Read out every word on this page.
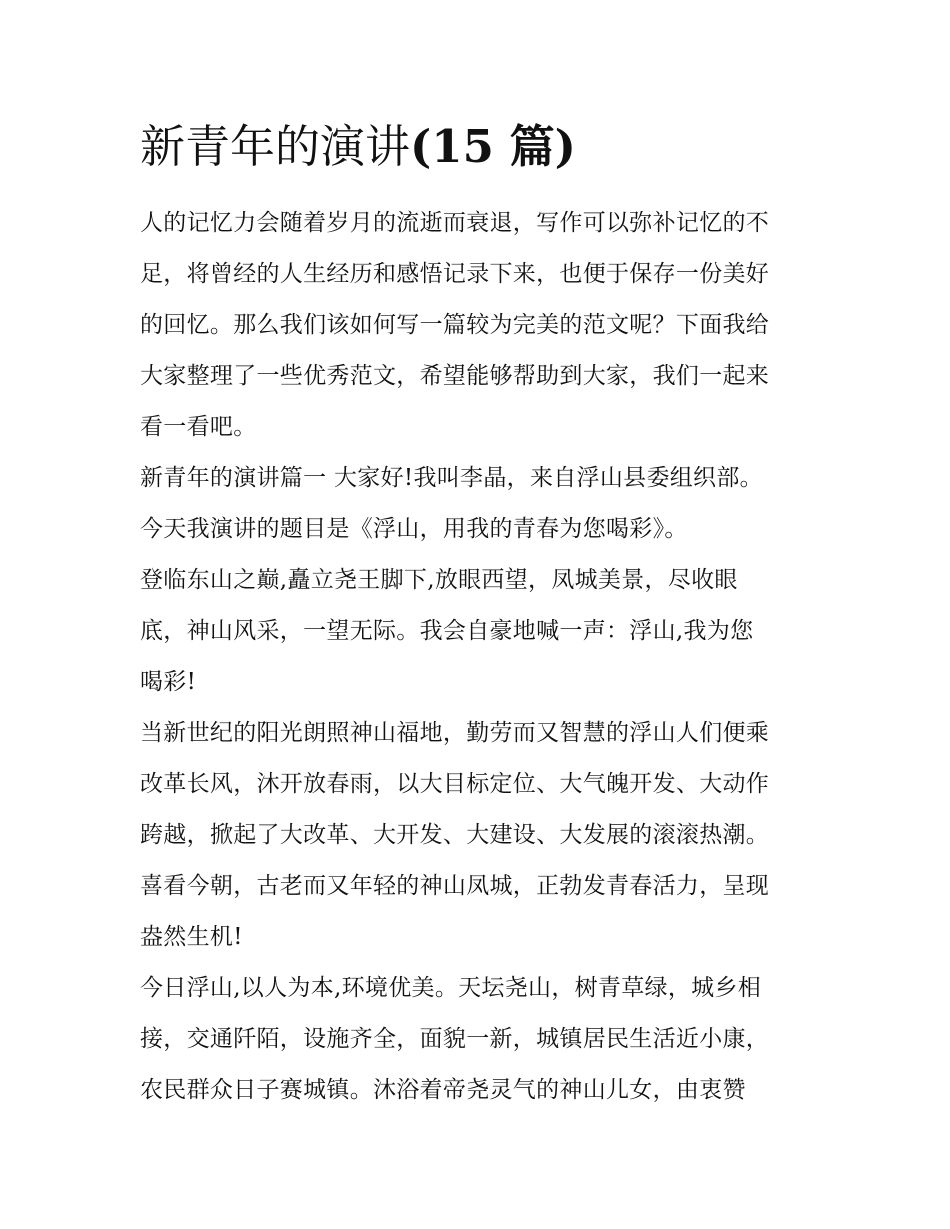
新青年的演讲(15 篇)
人的记忆力会随着岁月的流逝而衰退，写作可以弥补记忆的不
足，将曾经的人生经历和感悟记录下来，也便于保存一份美好
的回忆。那么我们该如何写一篇较为完美的范文呢？下面我给
大家整理了一些优秀范文，希望能够帮助到大家，我们一起来
看一看吧。
新青年的演讲篇一 大家好!我叫李晶，来自浮山县委组织部。
今天我演讲的题目是《浮山，用我的青春为您喝彩》。
登临东山之巅,矗立尧王脚下,放眼西望，凤城美景，尽收眼
底，神山风采，一望无际。我会自豪地喊一声：浮山,我为您
喝彩!
当新世纪的阳光朗照神山福地，勤劳而又智慧的浮山人们便乘
改革长风，沐开放春雨，以大目标定位、大气魄开发、大动作
跨越，掀起了大改革、大开发、大建设、大发展的滚滚热潮。
喜看今朝，古老而又年轻的神山凤城，正勃发青春活力，呈现
盎然生机!
今日浮山,以人为本,环境优美。天坛尧山，树青草绿，城乡相
接，交通阡陌，设施齐全，面貌一新，城镇居民生活近小康，
农民群众日子赛城镇。沐浴着帝尧灵气的神山儿女，由衷赞
